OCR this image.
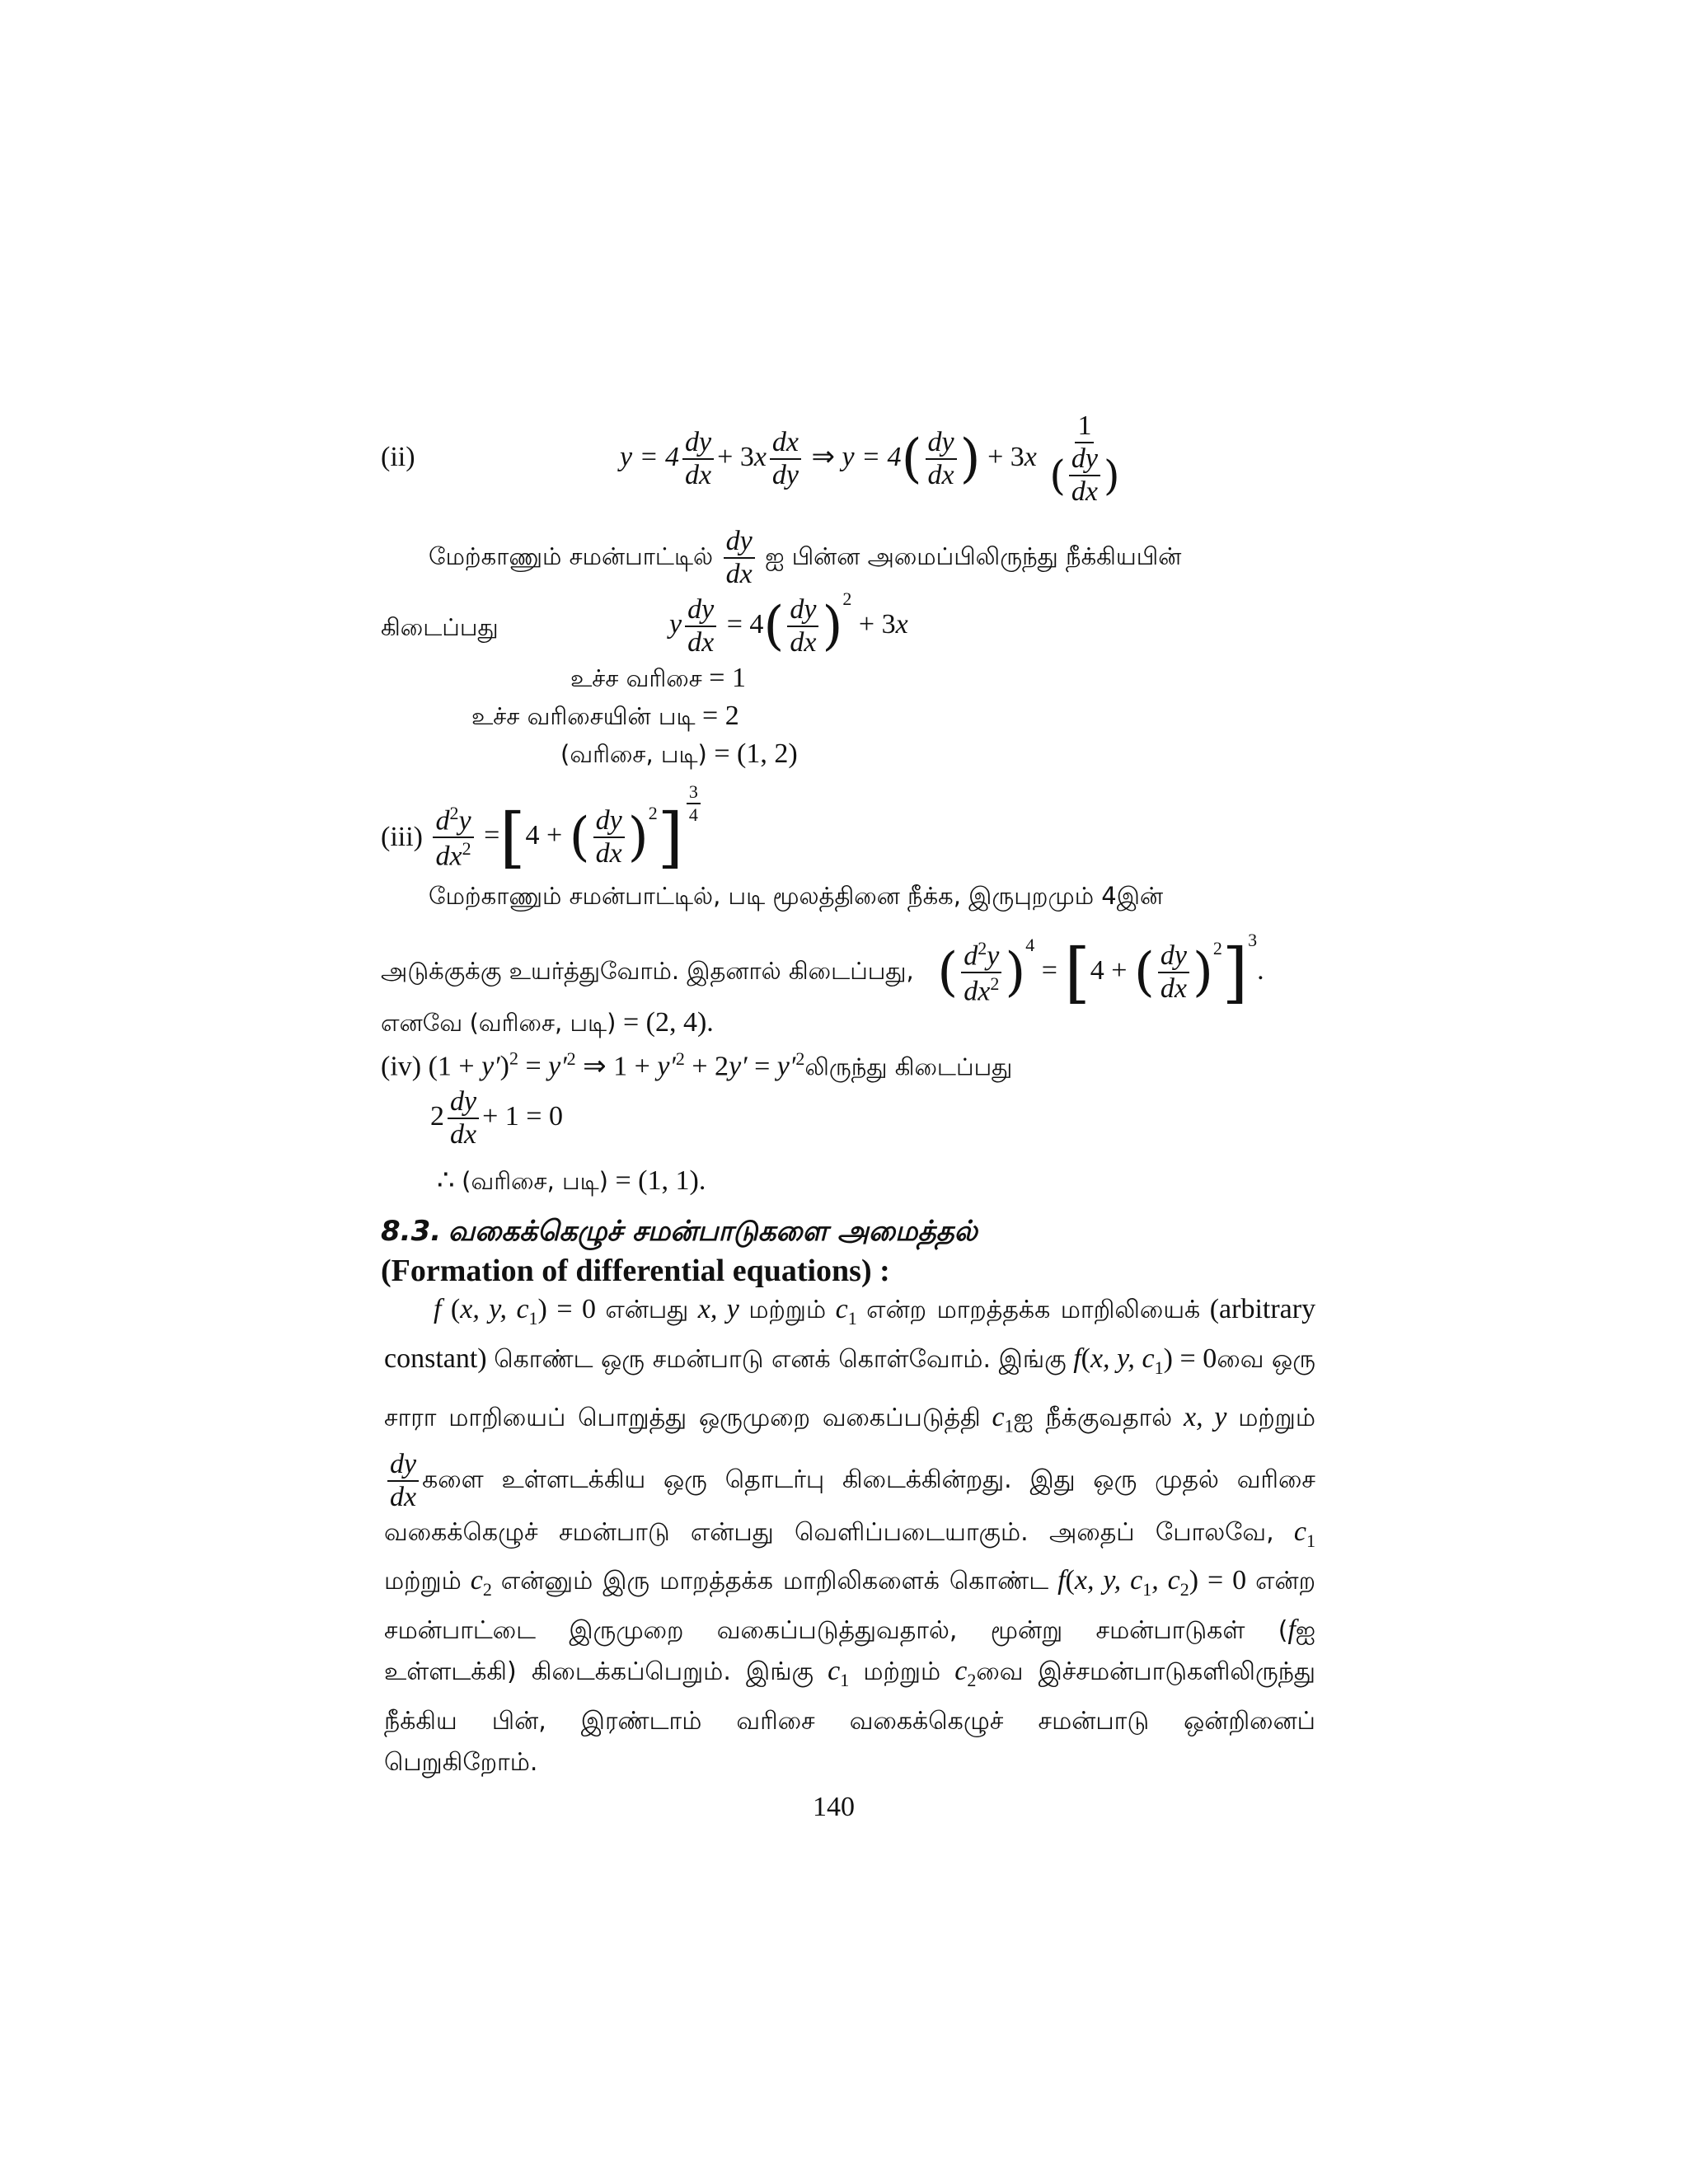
(ii)	$y = 4 \frac{dy}{dx} + 3x \frac{dx}{dy}$ ⇒ $y = 4( \frac{dy}{dx}$ ) + $3x \frac{1}{( \frac{dy}{dx} )}$
மேற்காணும் சமன்பாட்டில் $\frac{dy}{dx}$ ஐ பின்ன அமைப்பிலிருந்து நீக்கியபின்
கிடைப்பது	y $\frac{dy}{dx} = 4( \frac{dy}{dx} )^2 + 3x$
உச்ச வரிசை = 1
உச்ச வரிசையின் படி = 2
(வரிசை, படி) = (1, 2)
$(iii) \frac{d^2y}{dx^2} =[4$ + ( $\frac{dy}{dx} )^2] \frac{3}{4}$
மேற்காணும் சமன்பாட்டில், படி மூலத்தினை நீக்க, இருபுறமும் 4இன்
அடுக்குக்கு உயர்த்துவோம். இதனால் கிடைப்பது, ( $\frac{d^2y}{dx^2} )^4 = [4$ + ( $\frac{dy}{dx} )^2]^3$.
எனவே (வரிசை, படி) = (2, 4).
(iv) $(1 + y')^2 = y'^2$ ⇒ $1 + y'^2 + 2y'$ = $y'^2லிருந்து$ கிடைப்பது
$2 \frac{dy}{dx} + 1 = 0$
∴ (வரிசை, படி) = (1, 1).
8.3. வகைக்கெழுச் சமன்பாடுகளை அமைத்தல்
(Formation of differential equations) :
f (x, y, $c_1) = 0$ என்பது x, y மற்றும் $c_1$ என்ற மாறத்தக்க மாறிலியைக் (arbitrary constant) கொண்ட ஒரு சமன்பாடு எனக் கொள்வோம். இங்கு f(x, y, $c_1$) = 0வை ஒரு சாரா மாறியைப் பொறுத்து ஒருமுறை வகைப்படுத்தி $c_1ஐ$ நீக்குவதால் x, y மற்றும்
$\frac{dy}{dx}$ களை உள்ளடக்கிய ஒரு தொடர்பு கிடைக்கின்றது. இது ஒரு முதல் வரிசை வகைக்கெழுச் சமன்பாடு என்பது வெளிப்படையாகும். அதைப் போலவே, $c_1$ மற்றும் $c_2$ என்னும் இரு மாறத்தக்க மாறிலிகளைக் கொண்ட f(x, y, $c_1$, $c_2) = 0$ என்ற சமன்பாட்டை இருமுறை வகைப்படுத்துவதால், மூன்று சமன்பாடுகள் (fஐ உள்ளடக்கி) கிடைக்கப்பெறும். இங்கு $c_1$ மற்றும் $c_2வை$ இச்சமன்பாடுகளிலிருந்து நீக்கிய பின், இரண்டாம் வரிசை வகைக்கெழுச் சமன்பாடு ஒன்றினைப் பெறுகிறோம்.
140
